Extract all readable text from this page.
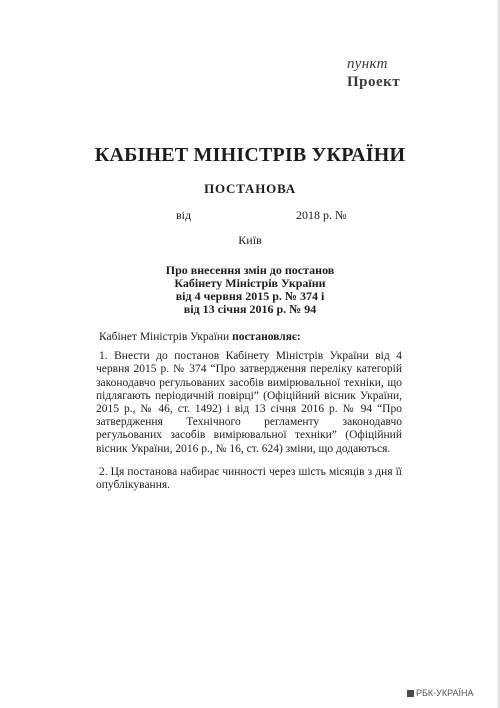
пункт
Проект
КАБІНЕТ МІНІСТРІВ УКРАЇНИ
ПОСТАНОВА
від	2018 р. №
Київ
Про внесення змін до постанов
Кабінету Міністрів України
від 4 червня 2015 р. № 374 і
від 13 січня 2016 р. № 94

Кабінет Міністрів України постановляє:

1. Внести до постанов Кабінету Міністрів України від 4 червня 2015 р. № 374 “Про затвердження переліку категорій законодавчо регульованих засобів вимірювальної техніки, що підлягають періодичній повірці” (Офіційний вісник України, 2015 р., № 46, ст. 1492) і від 13 січня 2016 р. № 94 “Про затвердження Технічного регламенту законодавчо регульованих засобів вимірювальної техніки” (Офіційний вісник України, 2016 р., № 16, ст. 624) зміни, що додаються.

2. Ця постанова набирає чинності через шість місяців з дня її опублікування.

РБК-УКРАЇНА
